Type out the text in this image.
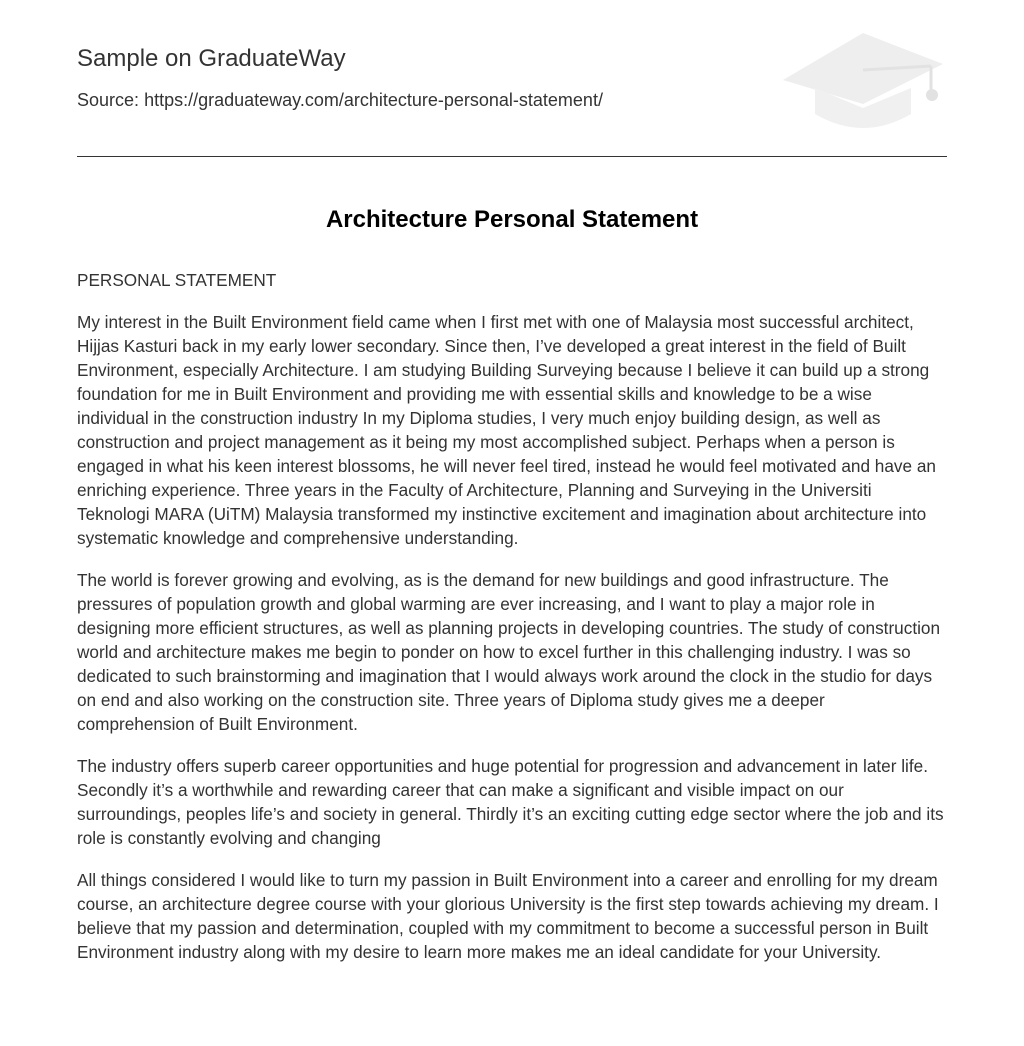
Sample on GraduateWay
Source: https://graduateway.com/architecture-personal-statement/
Architecture Personal Statement

PERSONAL STATEMENT

My interest in the Built Environment field came when I first met with one of Malaysia most successful architect, Hijjas Kasturi back in my early lower secondary. Since then, I’ve developed a great interest in the field of Built Environment, especially Architecture. I am studying Building Surveying because I believe it can build up a strong foundation for me in Built Environment and providing me with essential skills and knowledge to be a wise individual in the construction industry In my Diploma studies, I very much enjoy building design, as well as construction and project management as it being my most accomplished subject. Perhaps when a person is engaged in what his keen interest blossoms, he will never feel tired, instead he would feel motivated and have an enriching experience. Three years in the Faculty of Architecture, Planning and Surveying in the Universiti Teknologi MARA (UiTM) Malaysia transformed my instinctive excitement and imagination about architecture into systematic knowledge and comprehensive understanding.

The world is forever growing and evolving, as is the demand for new buildings and good infrastructure. The pressures of population growth and global warming are ever increasing, and I want to play a major role in designing more efficient structures, as well as planning projects in developing countries. The study of construction world and architecture makes me begin to ponder on how to excel further in this challenging industry. I was so dedicated to such brainstorming and imagination that I would always work around the clock in the studio for days on end and also working on the construction site. Three years of Diploma study gives me a deeper comprehension of Built Environment.

The industry offers superb career opportunities and huge potential for progression and advancement in later life. Secondly it’s a worthwhile and rewarding career that can make a significant and visible impact on our surroundings, peoples life’s and society in general. Thirdly it’s an exciting cutting edge sector where the job and its role is constantly evolving and changing

All things considered I would like to turn my passion in Built Environment into a career and enrolling for my dream course, an architecture degree course with your glorious University is the first step towards achieving my dream. I believe that my passion and determination, coupled with my commitment to become a successful person in Built Environment industry along with my desire to learn more makes me an ideal candidate for your University.
